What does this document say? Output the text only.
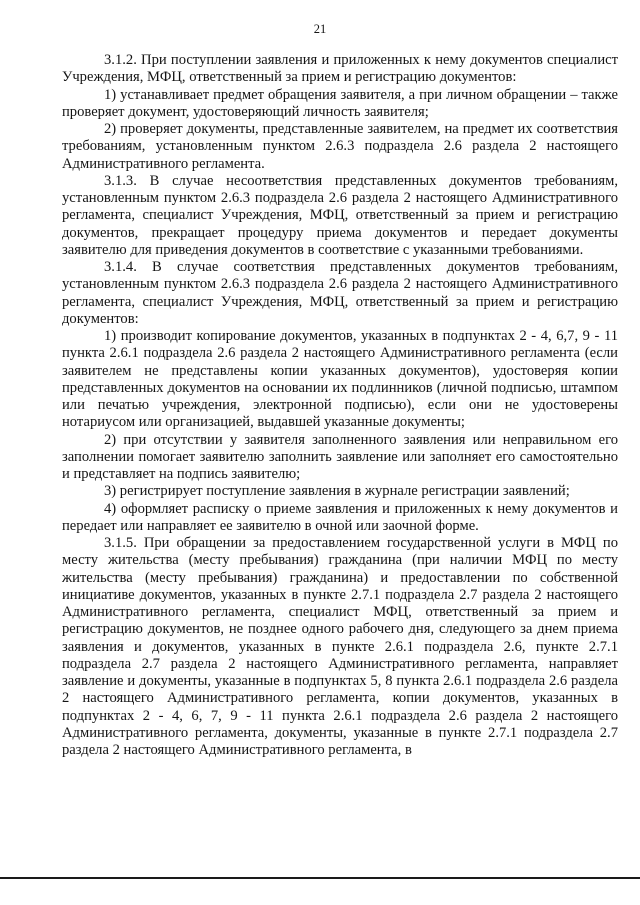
21

3.1.2. При поступлении заявления и приложенных к нему документов специалист Учреждения, МФЦ, ответственный за прием и регистрацию документов:

1) устанавливает предмет обращения заявителя, а при личном обращении – также проверяет документ, удостоверяющий личность заявителя;

2) проверяет документы, представленные заявителем, на предмет их соответствия требованиям, установленным пунктом 2.6.3 подраздела 2.6 раздела 2 настоящего Административного регламента.

3.1.3. В случае несоответствия представленных документов требованиям, установленным пунктом 2.6.3 подраздела 2.6 раздела 2 настоящего Административного регламента, специалист Учреждения, МФЦ, ответственный за прием и регистрацию документов, прекращает процедуру приема документов и передает документы заявителю для приведения документов в соответствие с указанными требованиями.

3.1.4. В случае соответствия представленных документов требованиям, установленным пунктом 2.6.3 подраздела 2.6 раздела 2 настоящего Административного регламента, специалист Учреждения, МФЦ, ответственный за прием и регистрацию документов:

1) производит копирование документов, указанных в подпунктах 2 - 4, 6,7, 9 - 11 пункта 2.6.1 подраздела 2.6 раздела 2 настоящего Административного регламента (если заявителем не представлены копии указанных документов), удостоверяя копии представленных документов на основании их подлинников (личной подписью, штампом или печатью учреждения, электронной подписью), если они не удостоверены нотариусом или организацией, выдавшей указанные документы;

2) при отсутствии у заявителя заполненного заявления или неправильном его заполнении помогает заявителю заполнить заявление или заполняет его самостоятельно и представляет на подпись заявителю;

3) регистрирует поступление заявления в журнале регистрации заявлений;

4) оформляет расписку о приеме заявления и приложенных к нему документов и передает или направляет ее заявителю в очной или заочной форме.

3.1.5. При обращении за предоставлением государственной услуги в МФЦ по месту жительства (месту пребывания) гражданина (при наличии МФЦ по месту жительства (месту пребывания) гражданина) и предоставлении по собственной инициативе документов, указанных в пункте 2.7.1 подраздела 2.7 раздела 2 настоящего Административного регламента, специалист МФЦ, ответственный за прием и регистрацию документов, не позднее одного рабочего дня, следующего за днем приема заявления и документов, указанных в пункте 2.6.1 подраздела 2.6, пункте 2.7.1 подраздела 2.7 раздела 2 настоящего Административного регламента, направляет заявление и документы, указанные в подпунктах 5, 8 пункта 2.6.1 подраздела 2.6 раздела 2 настоящего Административного регламента, копии документов, указанных в подпунктах 2 - 4, 6, 7, 9 - 11 пункта 2.6.1 подраздела 2.6 раздела 2 настоящего Административного регламента, документы, указанные в пункте 2.7.1 подраздела 2.7 раздела 2 настоящего Административного регламента, в
